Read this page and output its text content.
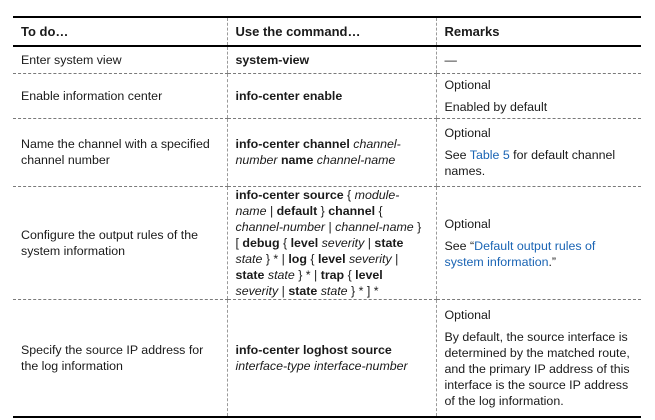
To do…	Use the command…	Remarks
Enter system view	system-view	—

Enable information center	info-center enable	Optional
Enabled by default

Name the channel with a specified channel number	info-center channel channel-number name channel-name	Optional
See Table 5 for default channel names.

Configure the output rules of the system information	info-center source { module-name | default } channel { channel-number | channel-name } [ debug { level severity | state state } * | log { level severity | state state } * | trap { level severity | state state } * ] *	Optional
See “Default output rules of system information.”

Specify the source IP address for the log information	info-center loghost source interface-type interface-number	Optional
By default, the source interface is determined by the matched route, and the primary IP address of this interface is the source IP address of the log information.
